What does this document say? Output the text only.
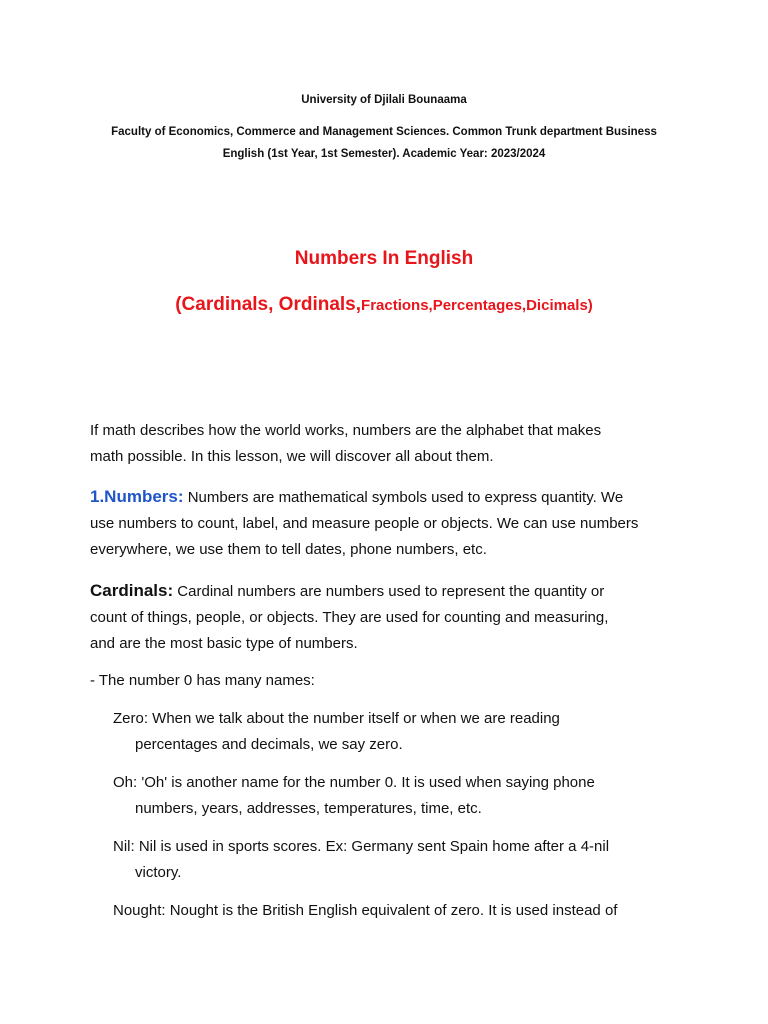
University of Djilali Bounaama
Faculty of Economics, Commerce and Management Sciences. Common Trunk department Business
English (1st Year, 1st Semester). Academic Year: 2023/2024
Numbers In English
(Cardinals, Ordinals,Fractions,Percentages,Dicimals)
If math describes how the world works, numbers are the alphabet that makes
math possible. In this lesson, we will discover all about them.
1.Numbers: Numbers are mathematical symbols used to express quantity. We
use numbers to count, label, and measure people or objects. We can use numbers
everywhere, we use them to tell dates, phone numbers, etc.
Cardinals: Cardinal numbers are numbers used to represent the quantity or
count of things, people, or objects. They are used for counting and measuring,
and are the most basic type of numbers.
- The number 0 has many names:
Zero: When we talk about the number itself or when we are reading
percentages and decimals, we say zero.
Oh: 'Oh' is another name for the number 0. It is used when saying phone
numbers, years, addresses, temperatures, time, etc.
Nil: Nil is used in sports scores. Ex: Germany sent Spain home after a 4-nil
victory.
Nought: Nought is the British English equivalent of zero. It is used instead of
